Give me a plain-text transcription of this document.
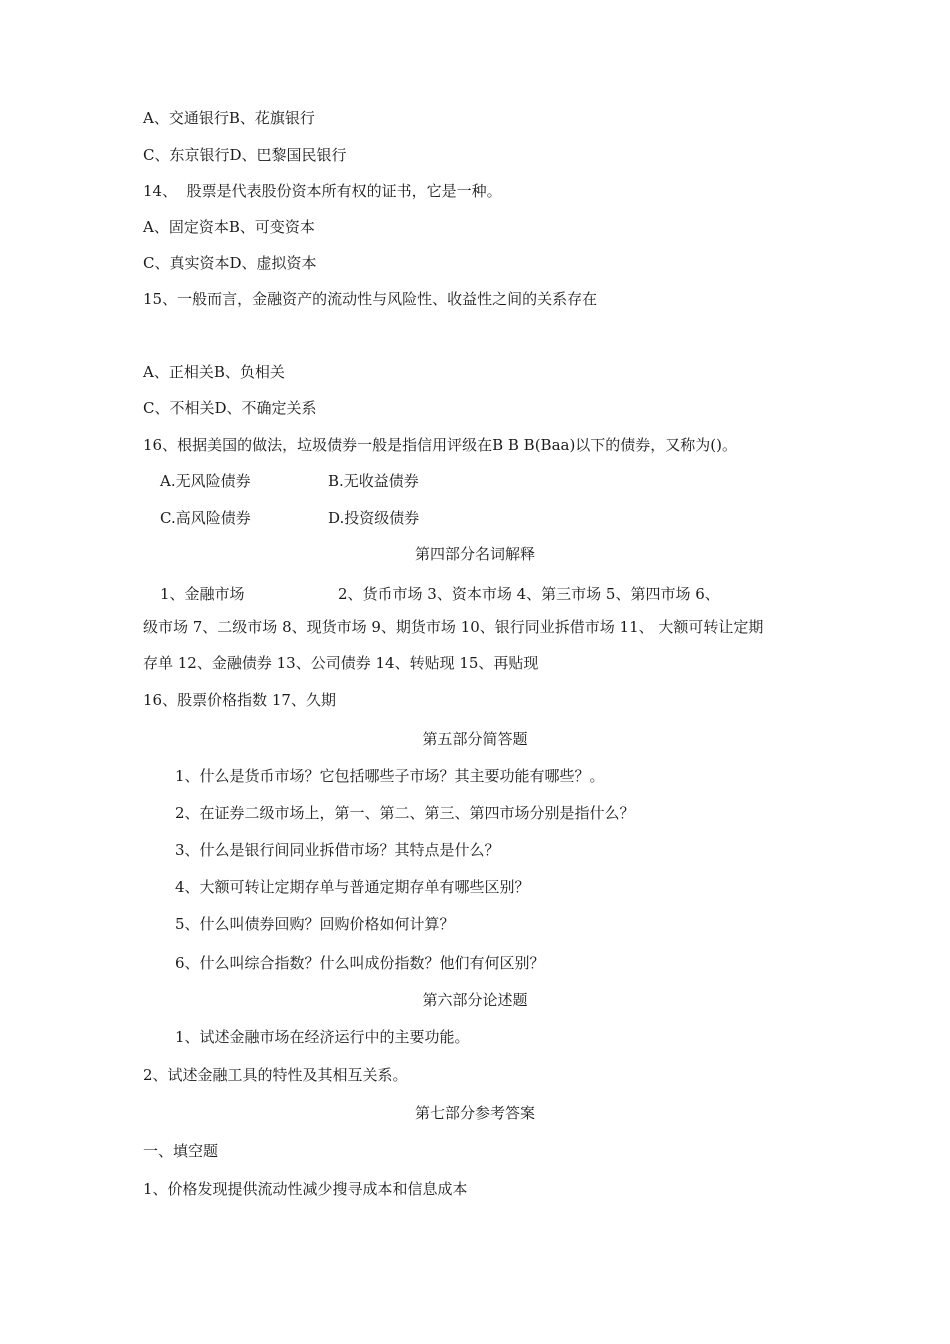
A、交通银行B、花旗银行
C、东京银行D、巴黎国民银行
14、  股票是代表股份资本所有权的证书，它是一种。
A、固定资本B、可变资本
C、真实资本D、虚拟资本
15、一般而言，金融资产的流动性与风险性、收益性之间的关系存在
A、正相关B、负相关
C、不相关D、不确定关系
16、根据美国的做法，垃圾债券一般是指信用评级在B B B(Baa)以下的债券，又称为()。
A.无风险债券	B.无收益债券
C.高风险债券	D.投资级债券
第四部分名词解释
1、金融市场	2、货币市场 3、资本市场 4、第三市场 5、第四市场 6、
级市场 7、二级市场 8、现货市场 9、期货市场 10、银行同业拆借市场 11、 大额可转让定期
存单 12、金融债券 13、公司债券 14、转贴现 15、再贴现
16、股票价格指数 17、久期
第五部分简答题
1、什么是货币市场？它包括哪些子市场？其主要功能有哪些？。
2、在证券二级市场上，第一、第二、第三、第四市场分别是指什么？
3、什么是银行间同业拆借市场？其特点是什么？
4、大额可转让定期存单与普通定期存单有哪些区别？
5、什么叫债券回购？回购价格如何计算？
6、什么叫综合指数？什么叫成份指数？他们有何区别？
第六部分论述题
1、试述金融市场在经济运行中的主要功能。
2、试述金融工具的特性及其相互关系。
第七部分参考答案
一、填空题
1、价格发现提供流动性减少搜寻成本和信息成本
